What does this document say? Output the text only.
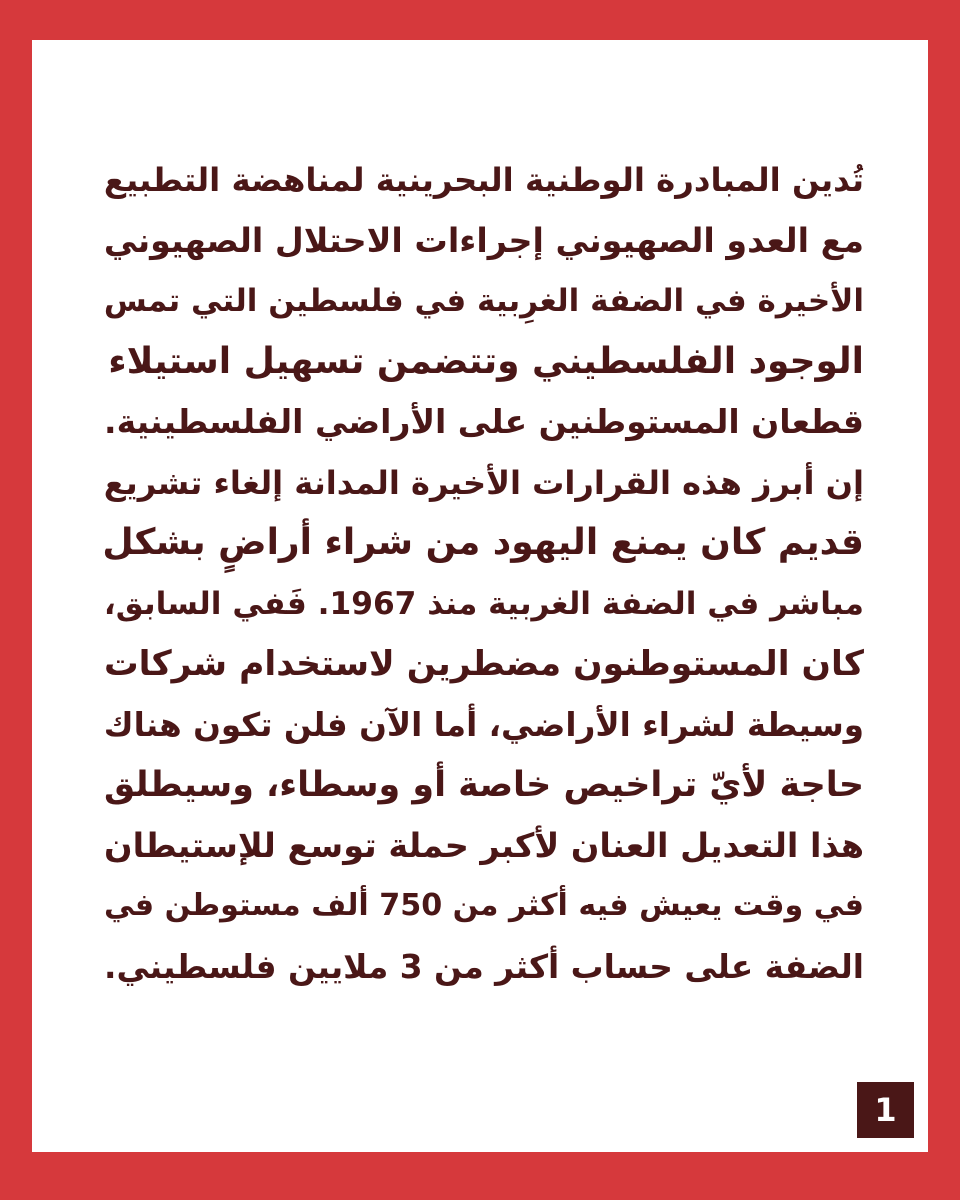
تُدين المبادرة الوطنية البحرينية لمناهضة التطبيع
مع العدو الصهيوني إجراءات الاحتلال الصهيوني
الأخيرة في الضفة الغرِبية في فلسطين التي تمس
الوجود الفلسطيني وتتضمن تسهيل استيلاء
قطعان المستوطنين على الأراضي الفلسطينية.
إن أبرز هذه القرارات الأخيرة المدانة إلغاء تشريع
قديم كان يمنع اليهود من شراء أراضٍ بشكل
مباشر في الضفة الغربية منذ 1967. فَفي السابق،
كان المستوطنون مضطرين لاستخدام شركات
وسيطة لشراء الأراضي، أما الآن فلن تكون هناك
حاجة لأيّ تراخيص خاصة أو وسطاء، وسيطلق
هذا التعديل العنان لأكبر حملة توسع للإستيطان
في وقت يعيش فيه أكثر من 750 ألف مستوطن في
الضفة على حساب أكثر من 3 ملايين فلسطيني.
1
